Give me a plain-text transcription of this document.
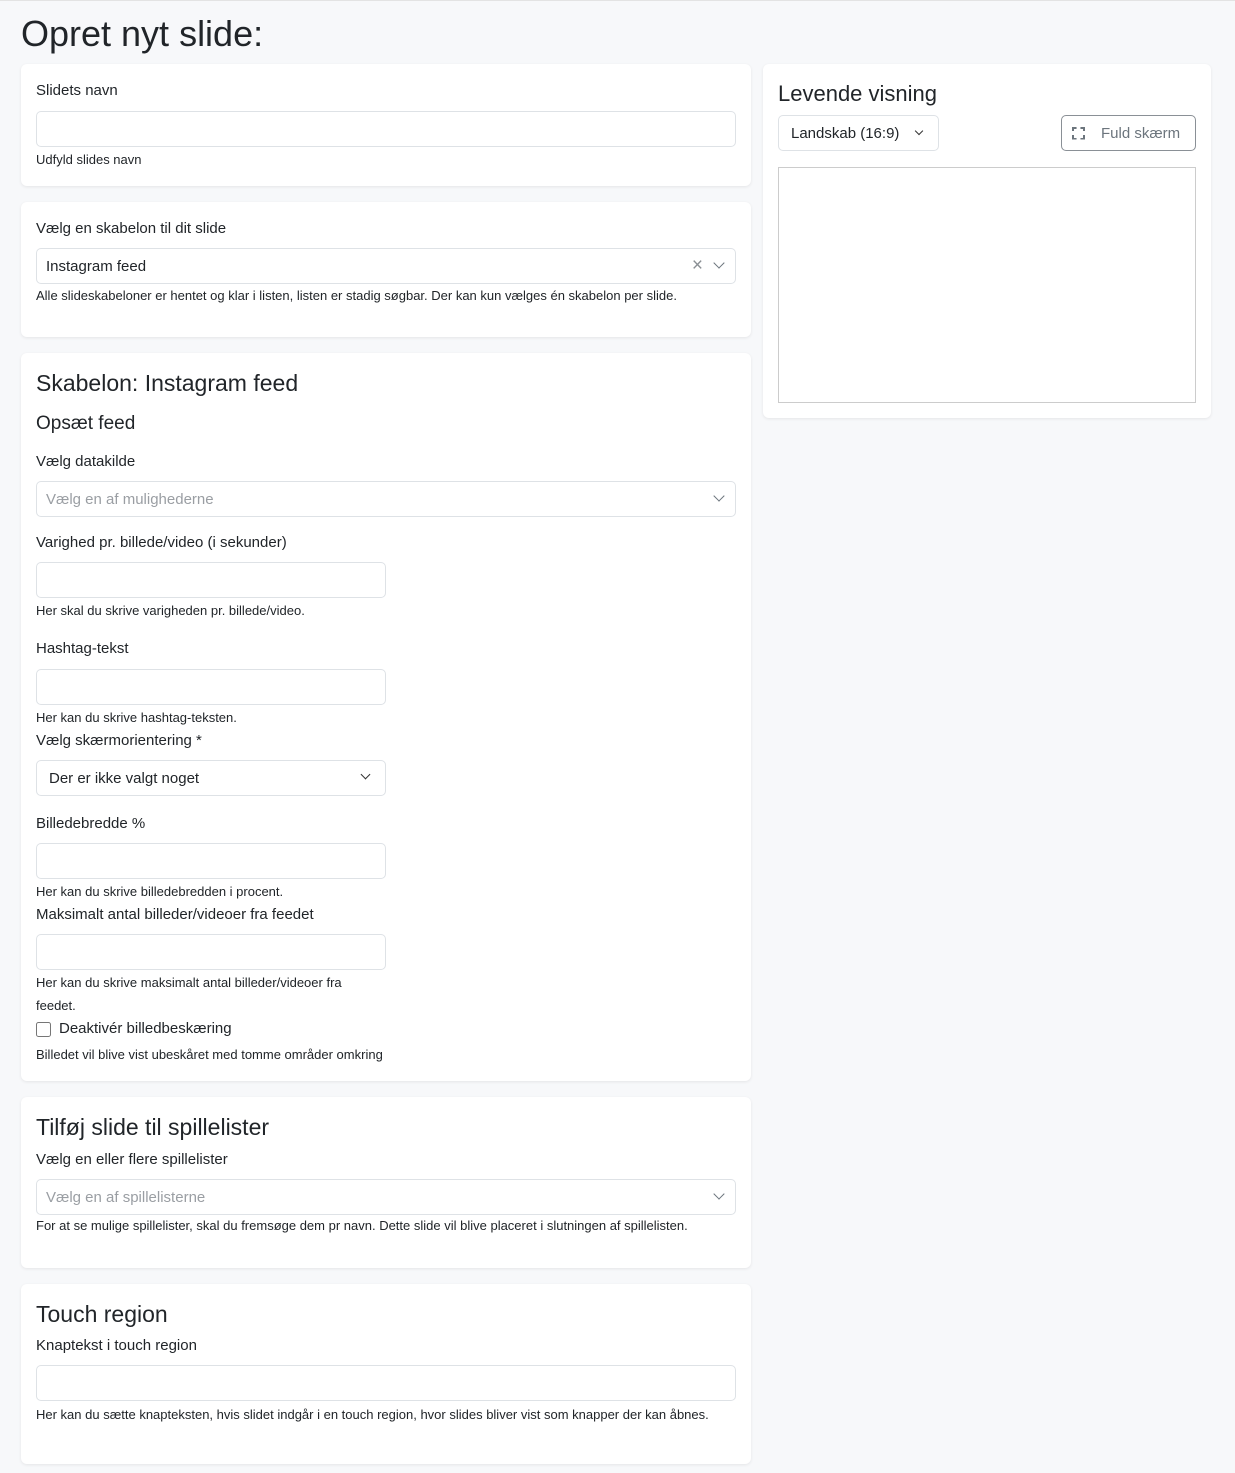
Opret nyt slide:
Slidets navn
Udfyld slides navn
Vælg en skabelon til dit slide
Instagram feed	×
Alle slideskabeloner er hentet og klar i listen, listen er stadig søgbar. Der kan kun vælges én skabelon per slide.
Skabelon: Instagram feed
Opsæt feed
Vælg datakilde
Vælg en af mulighederne
Varighed pr. billede/video (i sekunder)
Her skal du skrive varigheden pr. billede/video.
Hashtag-tekst
Her kan du skrive hashtag-teksten.
Vælg skærmorientering *
Der er ikke valgt noget
Billedebredde %
Her kan du skrive billedebredden i procent.
Maksimalt antal billeder/videoer fra feedet
Her kan du skrive maksimalt antal billeder/videoer fra feedet.
Deaktivér billedbeskæring
Billedet vil blive vist ubeskåret med tomme områder omkring
Tilføj slide til spillelister
Vælg en eller flere spillelister
Vælg en af spillelisterne
For at se mulige spillelister, skal du fremsøge dem pr navn. Dette slide vil blive placeret i slutningen af spillelisten.
Touch region
Knaptekst i touch region
Her kan du sætte knapteksten, hvis slidet indgår i en touch region, hvor slides bliver vist som knapper der kan åbnes.
Levende visning
Landskab (16:9)	Fuld skærm
